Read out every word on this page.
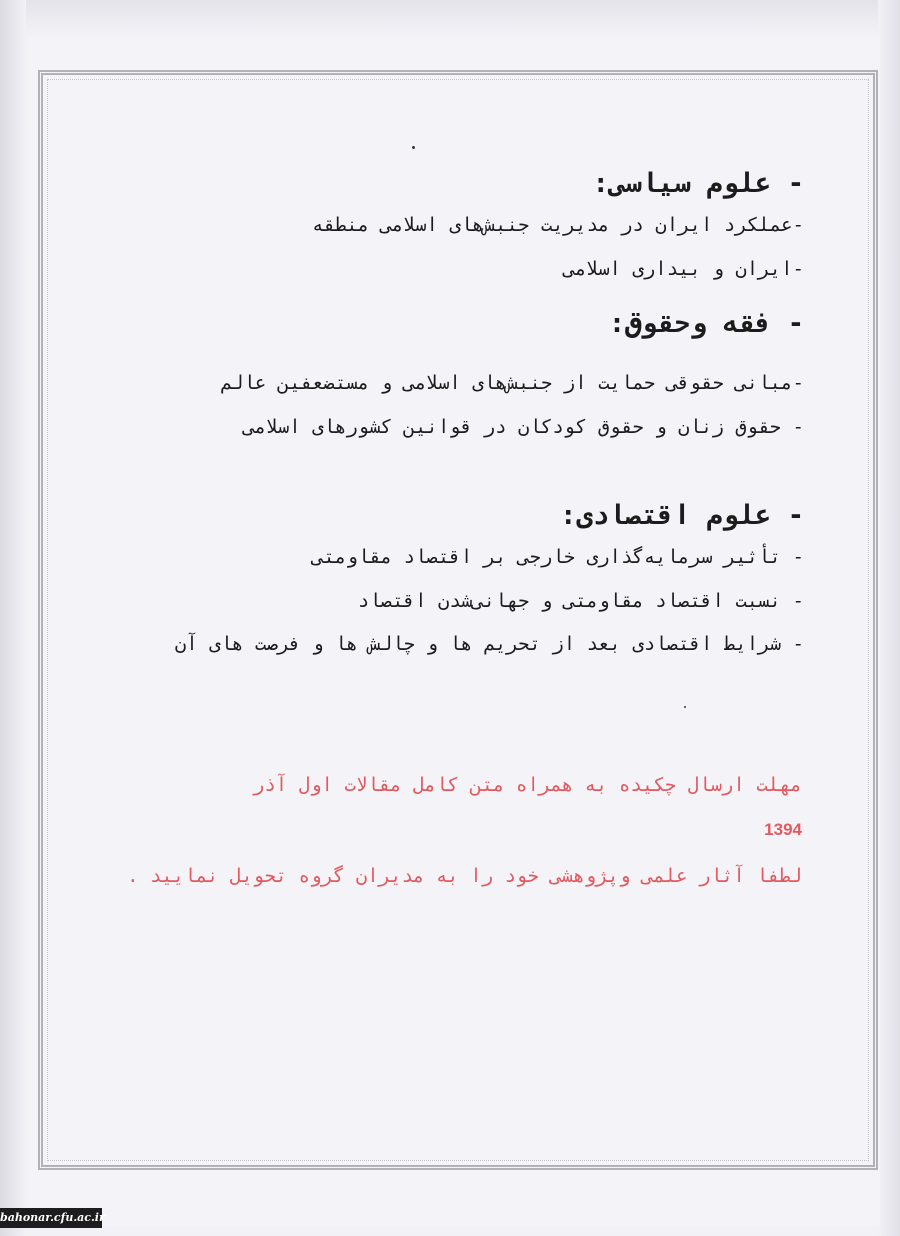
- علوم سیاسی:
-عملکرد ایران در مدیریت جنبش‌های اسلامی منطقه
-ایران و بیداری اسلامی
- فقه وحقوق:
-مبانی حقوقی حمایت از جنبش‌های اسلامی و مستضعفین عالم
- حقوق زنان و حقوق کودکان در قوانین کشورهای اسلامی
- علوم اقتصادی:
- تأثیر سرمایه‌گذاری خارجی بر اقتصاد مقاومتی
- نسبت اقتصاد مقاومتی و جهانی‌شدن اقتصاد
- شرایط اقتصادی بعد از تحریم ها و چالش ها و فرصت های آن
مهلت ارسال چکیده به همراه متن کامل مقالات اول آذر
1394
لطفا آثار علمی وپژوهشی خود را به مدیران گروه تحویل نمایید .
bahonar.cfu.ac.ir
